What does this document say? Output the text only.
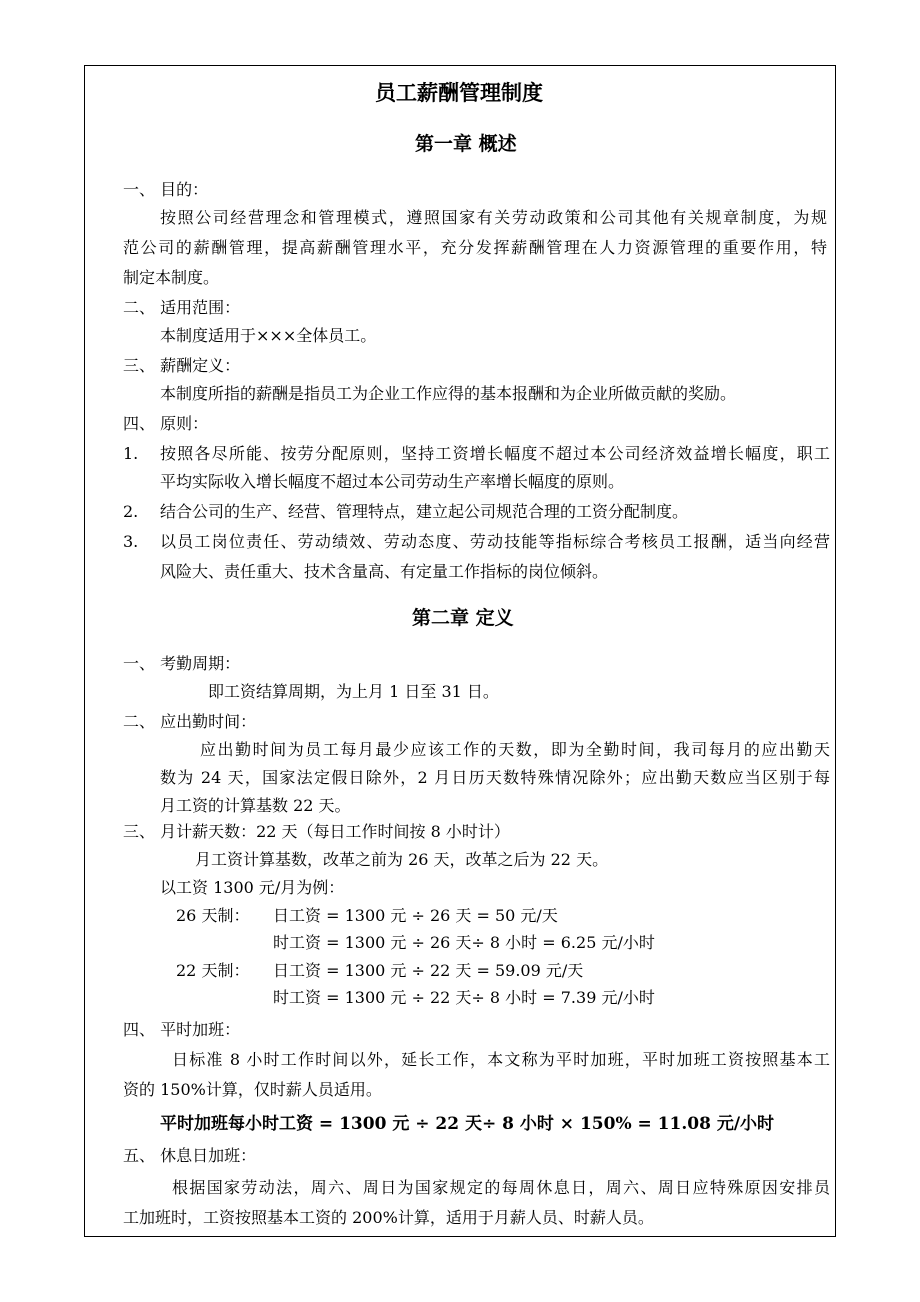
员工薪酬管理制度
第一章 概述
一、 目的：
按照公司经营理念和管理模式，遵照国家有关劳动政策和公司其他有关规章制度，为规
范公司的薪酬管理，提高薪酬管理水平，充分发挥薪酬管理在人力资源管理的重要作用，特
制定本制度。
二、 适用范围：
本制度适用于×××全体员工。
三、 薪酬定义：
本制度所指的薪酬是指员工为企业工作应得的基本报酬和为企业所做贡献的奖励。
四、 原则：
1. 按照各尽所能、按劳分配原则，坚持工资增长幅度不超过本公司经济效益增长幅度，职工
平均实际收入增长幅度不超过本公司劳动生产率增长幅度的原则。
2. 结合公司的生产、经营、管理特点，建立起公司规范合理的工资分配制度。
3. 以员工岗位责任、劳动绩效、劳动态度、劳动技能等指标综合考核员工报酬，适当向经营
风险大、责任重大、技术含量高、有定量工作指标的岗位倾斜。
第二章 定义
一、 考勤周期：
即工资结算周期，为上月 1 日至 31 日。
二、 应出勤时间：
应出勤时间为员工每月最少应该工作的天数，即为全勤时间，我司每月的应出勤天
数为 24 天，国家法定假日除外，2 月日历天数特殊情况除外；应出勤天数应当区别于每
月工资的计算基数 22 天。
三、 月计薪天数：22 天（每日工作时间按 8 小时计）
月工资计算基数，改革之前为 26 天，改革之后为 22 天。
以工资 1300 元/月为例：
26 天制： 日工资 = 1300 元 ÷ 26 天 = 50 元/天
时工资 = 1300 元 ÷ 26 天÷ 8 小时 = 6.25 元/小时
22 天制： 日工资 = 1300 元 ÷ 22 天 = 59.09 元/天
时工资 = 1300 元 ÷ 22 天÷ 8 小时 = 7.39 元/小时
四、 平时加班：
日标准 8 小时工作时间以外，延长工作，本文称为平时加班，平时加班工资按照基本工
资的 150%计算，仅时薪人员适用。
平时加班每小时工资 = 1300 元 ÷ 22 天÷ 8 小时 × 150% = 11.08 元/小时
五、 休息日加班：
根据国家劳动法，周六、周日为国家规定的每周休息日，周六、周日应特殊原因安排员
工加班时，工资按照基本工资的 200%计算，适用于月薪人员、时薪人员。
